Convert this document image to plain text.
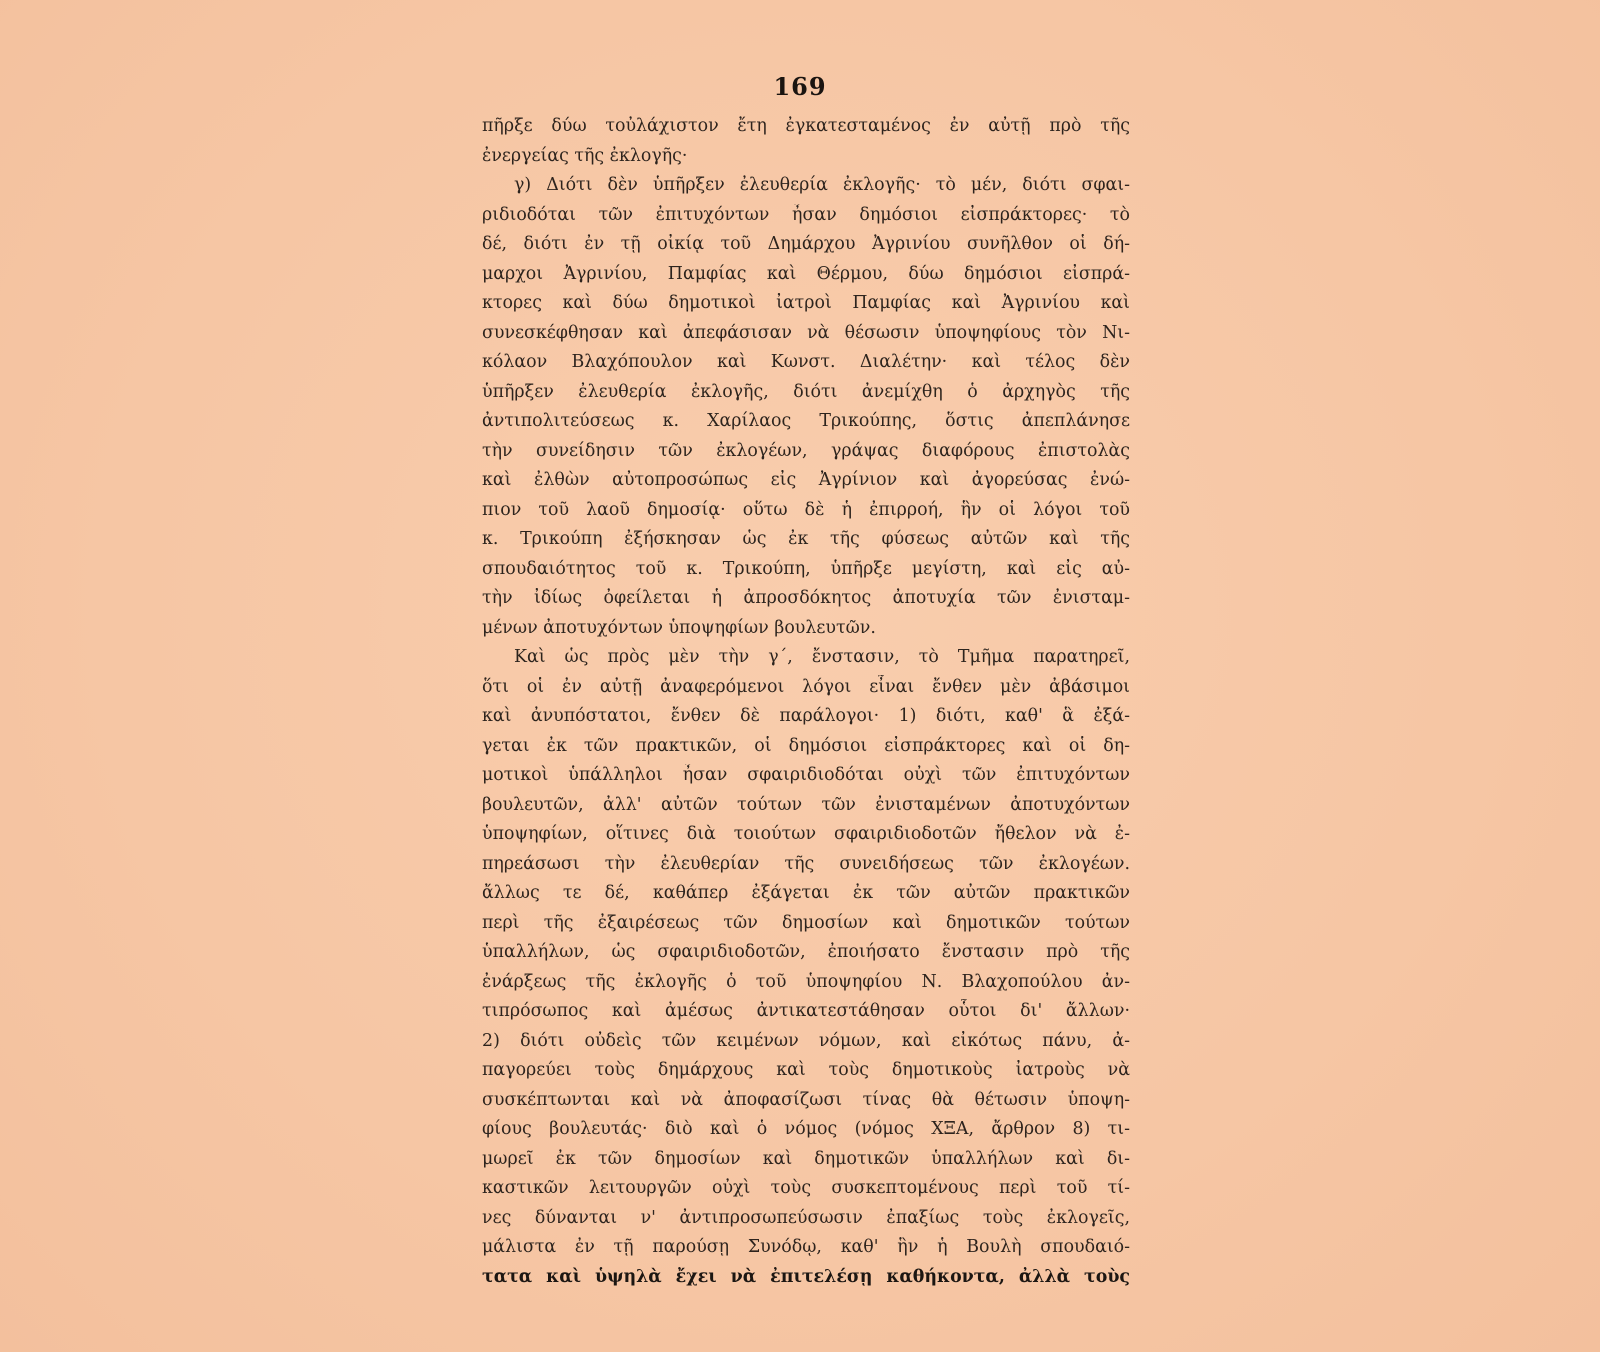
169
πῆρξε δύω τοὐλάχιστον ἔτη ἐγκατεσταμένος ἐν αὐτῇ πρὸ τῆς
ἐνεργείας τῆς ἐκλογῆς·
γ) Διότι δὲν ὑπῆρξεν ἐλευθερία ἐκλογῆς· τὸ μέν, διότι σφαι-
ριδιοδόται τῶν ἐπιτυχόντων ἦσαν δημόσιοι εἰσπράκτορες· τὸ
δέ, διότι ἐν τῇ οἰκίᾳ τοῦ Δημάρχου Ἀγρινίου συνῆλθον οἱ δή-
μαρχοι Ἀγρινίου, Παμφίας καὶ Θέρμου, δύω δημόσιοι εἰσπρά-
κτορες καὶ δύω δημοτικοὶ ἰατροὶ Παμφίας καὶ Ἀγρινίου καὶ
συνεσκέφθησαν καὶ ἀπεφάσισαν νὰ θέσωσιν ὑποψηφίους τὸν Νι-
κόλαον Βλαχόπουλον καὶ Κωνστ. Διαλέτην· καὶ τέλος δὲν
ὑπῆρξεν ἐλευθερία ἐκλογῆς, διότι ἀνεμίχθη ὁ ἀρχηγὸς τῆς
ἀντιπολιτεύσεως κ. Χαρίλαος Τρικούπης, ὅστις ἀπεπλάνησε
τὴν συνείδησιν τῶν ἐκλογέων, γράψας διαφόρους ἐπιστολὰς
καὶ ἐλθὼν αὐτοπροσώπως εἰς Ἀγρίνιον καὶ ἀγορεύσας ἐνώ-
πιον τοῦ λαοῦ δημοσίᾳ· οὕτω δὲ ἡ ἐπιρροή, ἣν οἱ λόγοι τοῦ
κ. Τρικούπη ἐξήσκησαν ὡς ἐκ τῆς φύσεως αὐτῶν καὶ τῆς
σπουδαιότητος τοῦ κ. Τρικούπη, ὑπῆρξε μεγίστη, καὶ εἰς αὐ-
τὴν ἰδίως ὀφείλεται ἡ ἀπροσδόκητος ἀποτυχία τῶν ἐνισταμ-
μένων ἀποτυχόντων ὑποψηφίων βουλευτῶν.
Καὶ ὡς πρὸς μὲν τὴν γ΄, ἔνστασιν, τὸ Τμῆμα παρατηρεῖ,
ὅτι οἱ ἐν αὐτῇ ἀναφερόμενοι λόγοι εἶναι ἔνθεν μὲν ἀβάσιμοι
καὶ ἀνυπόστατοι, ἔνθεν δὲ παράλογοι· 1) διότι, καθ' ἃ ἐξά-
γεται ἐκ τῶν πρακτικῶν, οἱ δημόσιοι εἰσπράκτορες καὶ οἱ δη-
μοτικοὶ ὑπάλληλοι ἦσαν σφαιριδιοδόται οὐχὶ τῶν ἐπιτυχόντων
βουλευτῶν, ἀλλ' αὐτῶν τούτων τῶν ἐνισταμένων ἀποτυχόντων
ὑποψηφίων, οἵτινες διὰ τοιούτων σφαιριδιοδοτῶν ἤθελον νὰ ἐ-
πηρεάσωσι τὴν ἐλευθερίαν τῆς συνειδήσεως τῶν ἐκλογέων.
ἄλλως τε δέ, καθάπερ ἐξάγεται ἐκ τῶν αὐτῶν πρακτικῶν
περὶ τῆς ἐξαιρέσεως τῶν δημοσίων καὶ δημοτικῶν τούτων
ὑπαλλήλων, ὡς σφαιριδιοδοτῶν, ἐποιήσατο ἔνστασιν πρὸ τῆς
ἐνάρξεως τῆς ἐκλογῆς ὁ τοῦ ὑποψηφίου Ν. Βλαχοπούλου ἀν-
τιπρόσωπος καὶ ἀμέσως ἀντικατεστάθησαν οὗτοι δι' ἄλλων·
2) διότι οὐδεὶς τῶν κειμένων νόμων, καὶ εἰκότως πάνυ, ἀ-
παγορεύει τοὺς δημάρχους καὶ τοὺς δημοτικοὺς ἰατροὺς νὰ
συσκέπτωνται καὶ νὰ ἀποφασίζωσι τίνας θὰ θέτωσιν ὑποψη-
φίους βουλευτάς· διὸ καὶ ὁ νόμος (νόμος ΧΞΑ, ἄρθρον 8) τι-
μωρεῖ ἐκ τῶν δημοσίων καὶ δημοτικῶν ὑπαλλήλων καὶ δι-
καστικῶν λειτουργῶν οὐχὶ τοὺς συσκεπτομένους περὶ τοῦ τί-
νες δύνανται ν' ἀντιπροσωπεύσωσιν ἐπαξίως τοὺς ἐκλογεῖς,
μάλιστα ἐν τῇ παρούσῃ Συνόδῳ, καθ' ἣν ἡ Βουλὴ σπουδαιό-
τατα καὶ ὑψηλὰ ἔχει νὰ ἐπιτελέσῃ καθήκοντα, ἀλλὰ τοὺς
